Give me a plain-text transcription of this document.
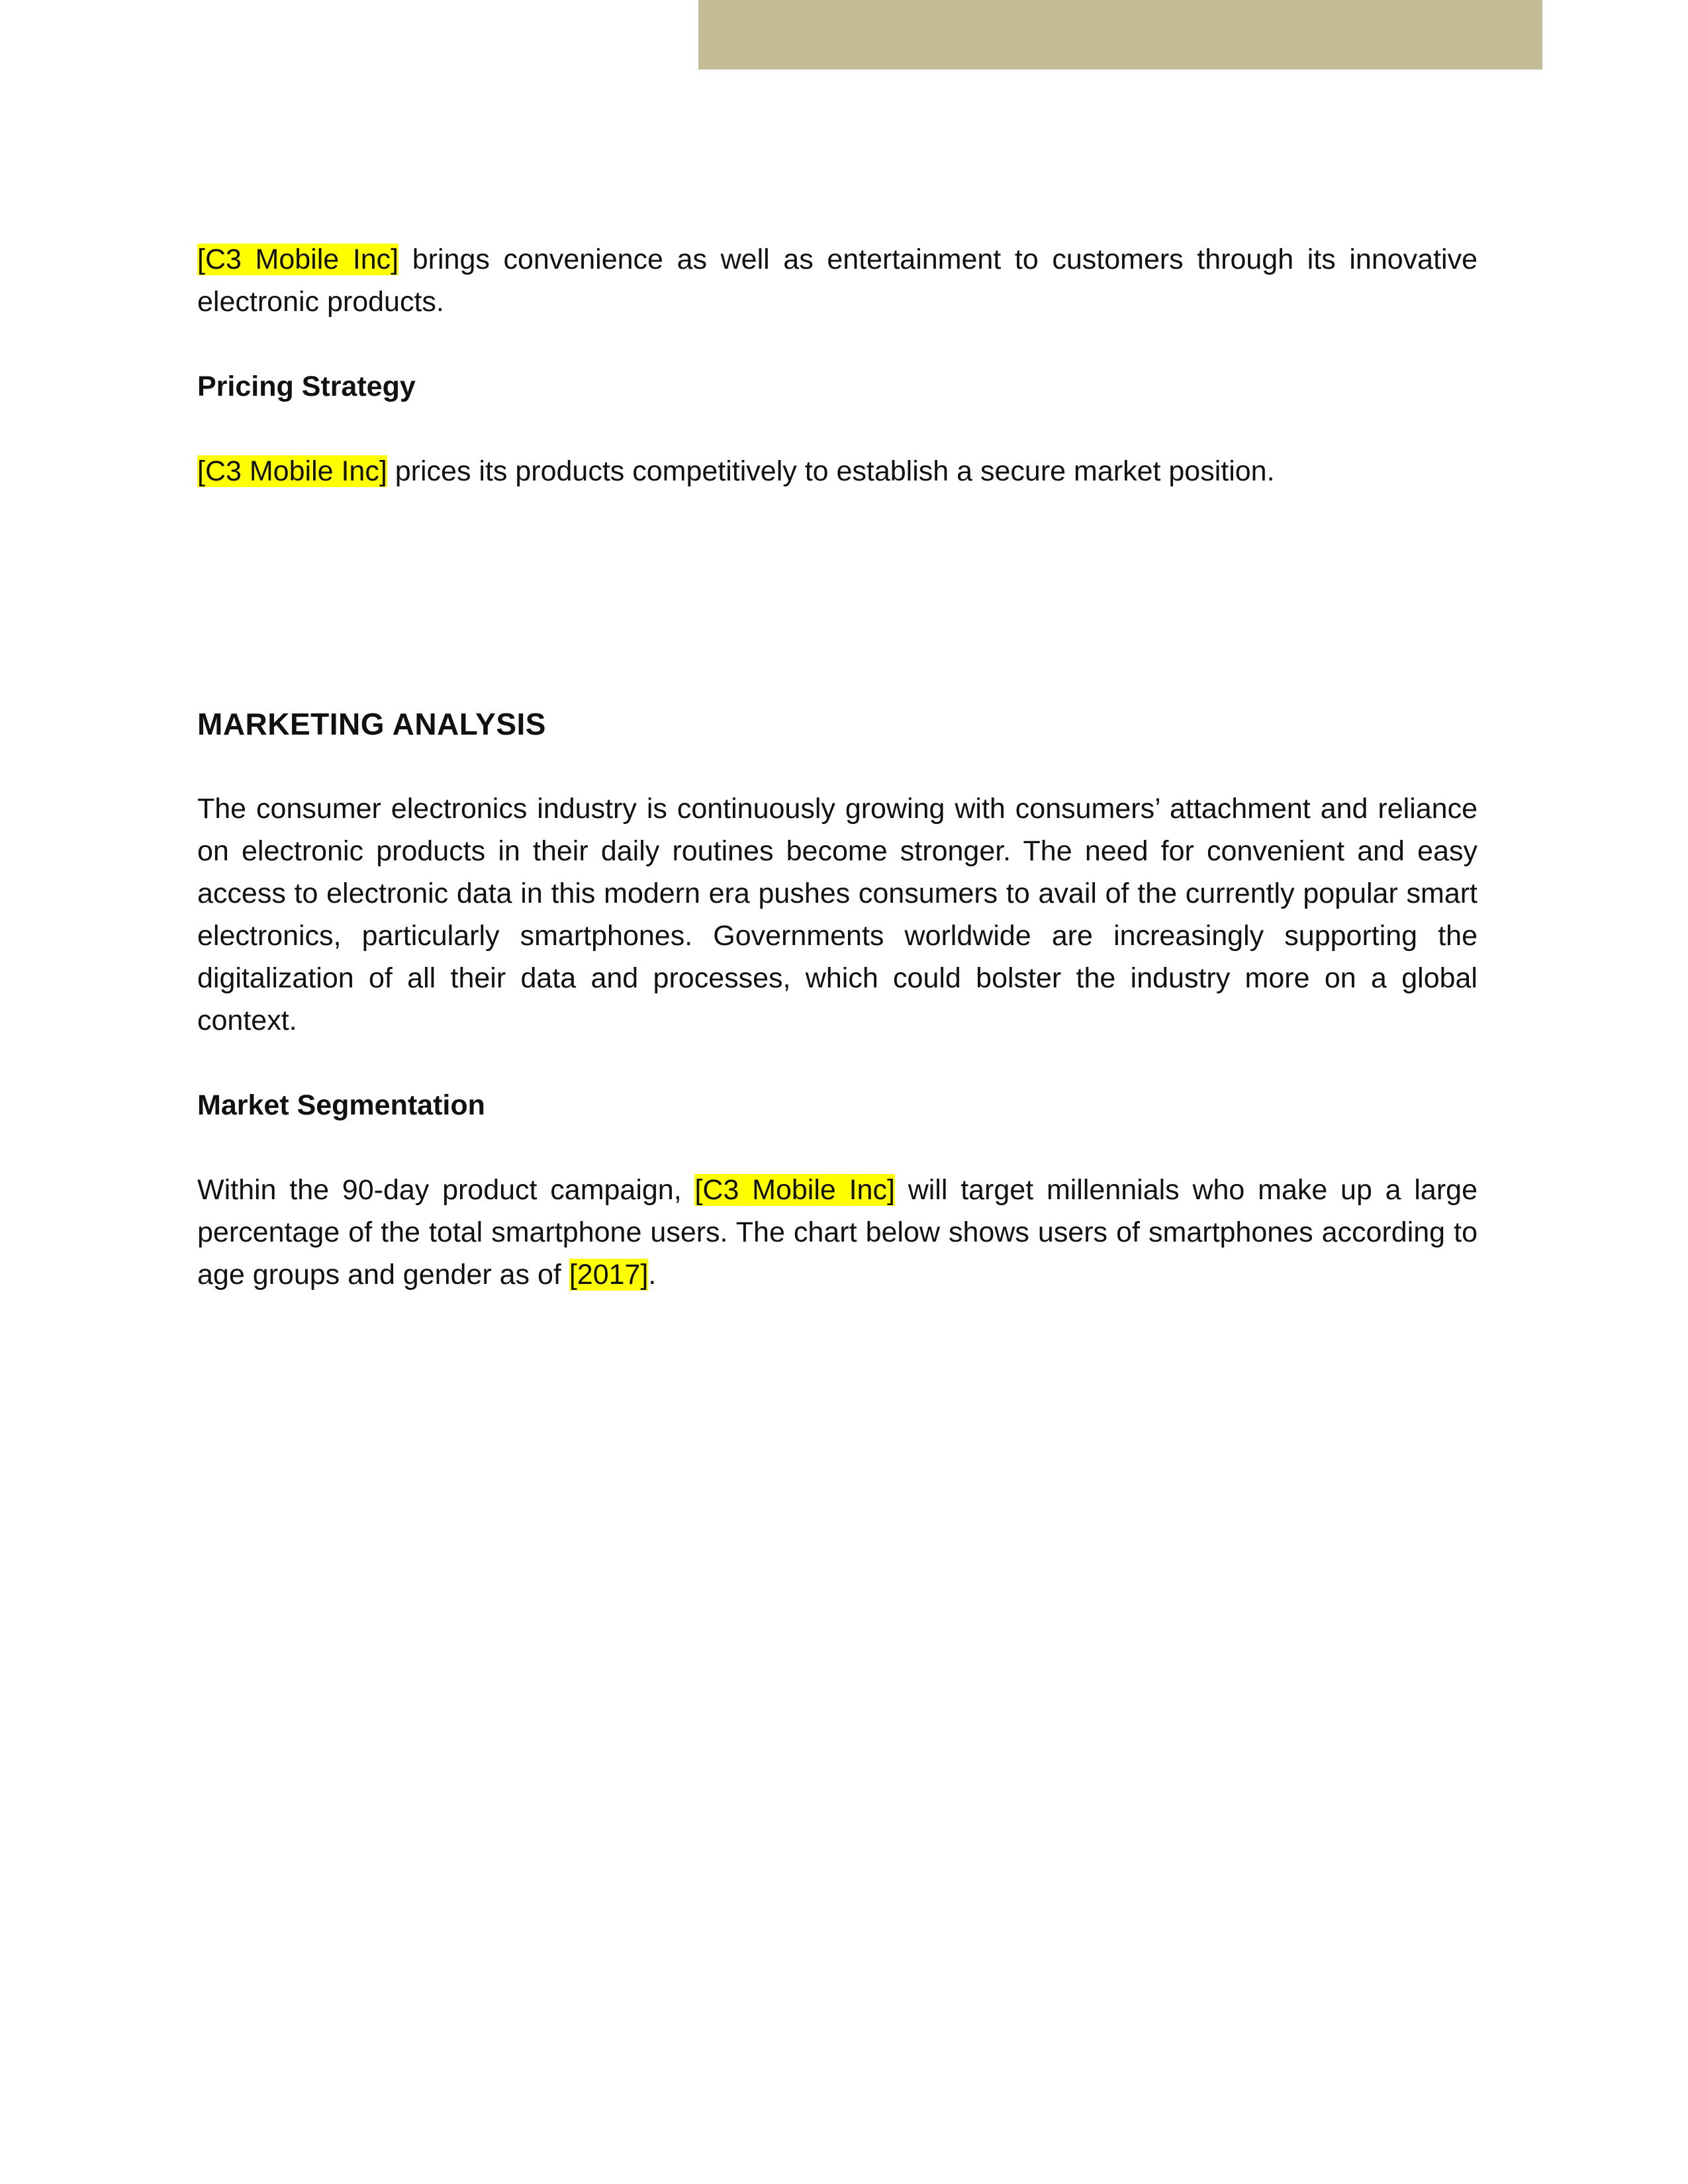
[C3 Mobile Inc] brings convenience as well as entertainment to customers through its innovative electronic products.

Pricing Strategy

[C3 Mobile Inc] prices its products competitively to establish a secure market position.

MARKETING ANALYSIS

The consumer electronics industry is continuously growing with consumers’ attachment and reliance on electronic products in their daily routines become stronger. The need for convenient and easy access to electronic data in this modern era pushes consumers to avail of the currently popular smart electronics, particularly smartphones. Governments worldwide are increasingly supporting the digitalization of all their data and processes, which could bolster the industry more on a global context.

Market Segmentation

Within the 90-day product campaign, [C3 Mobile Inc] will target millennials who make up a large percentage of the total smartphone users. The chart below shows users of smartphones according to age groups and gender as of [2017].
